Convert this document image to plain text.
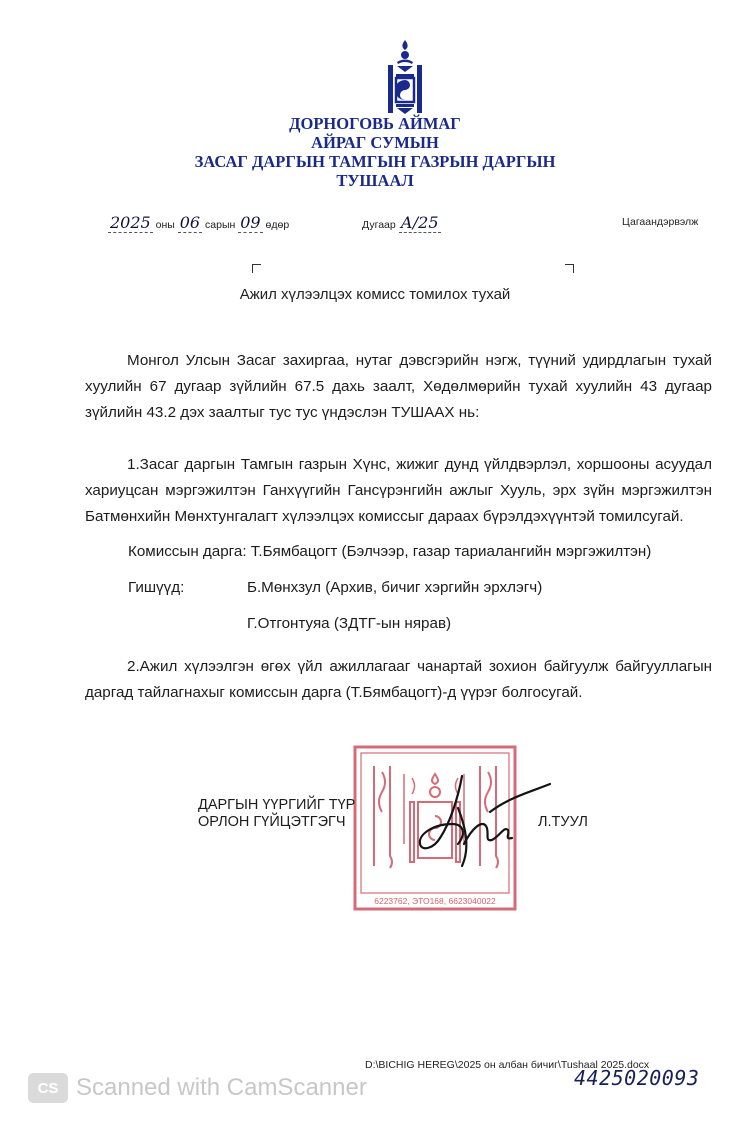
ДОРНОГОВЬ АЙМАГ
АЙРАГ СУМЫН
ЗАСАГ ДАРГЫН ТАМГЫН ГАЗРЫН ДАРГЫН
ТУШААЛ
2025 оны 06 сарын 09 өдөр	Дугаар А/25	Цагаандэрвэлж
Ажил хүлээлцэх комисс томилох тухай
Монгол Улсын Засаг захиргаа, нутаг дэвсгэрийн нэгж, түүний удирдлагын тухай хуулийн 67 дугаар зүйлийн 67.5 дахь заалт, Хөдөлмөрийн тухай хуулийн 43 дугаар зүйлийн 43.2 дэх заалтыг тус тус үндэслэн ТУШААХ нь:
1.Засаг даргын Тамгын газрын Хүнс, жижиг дунд үйлдвэрлэл, хоршооны асуудал хариуцсан мэргэжилтэн Ганхүүгийн Гансүрэнгийн ажлыг Хууль, эрх зүйн мэргэжилтэн Батмөнхийн Мөнхтунгалагт хүлээлцэх комиссыг дараах бүрэлдэхүүнтэй томилсугай.
Комиссын дарга: Т.Бямбацогт (Бэлчээр, газар тариалангийн мэргэжилтэн)
Гишүүд:	Б.Мөнхзул (Архив, бичиг хэргийн эрхлэгч)
Г.Отгонтуяа (ЗДТГ-ын нярав)
2.Ажил хүлээлгэн өгөх үйл ажиллагааг чанартай зохион байгуулж байгууллагын даргад тайлагнахыг комиссын дарга (Т.Бямбацогт)-д үүрэг болгосугай.
6223762, ЭТО168, 6623040022
ДАРГЫН ҮҮРГИЙГ ТҮР
ОРЛОН ГҮЙЦЭТГЭГЧ	Л.ТУУЛ
D:\BICHIG HEREG\2025 он албан бичиг\Tushaal 2025.docx
4425020093
CS Scanned with CamScanner
